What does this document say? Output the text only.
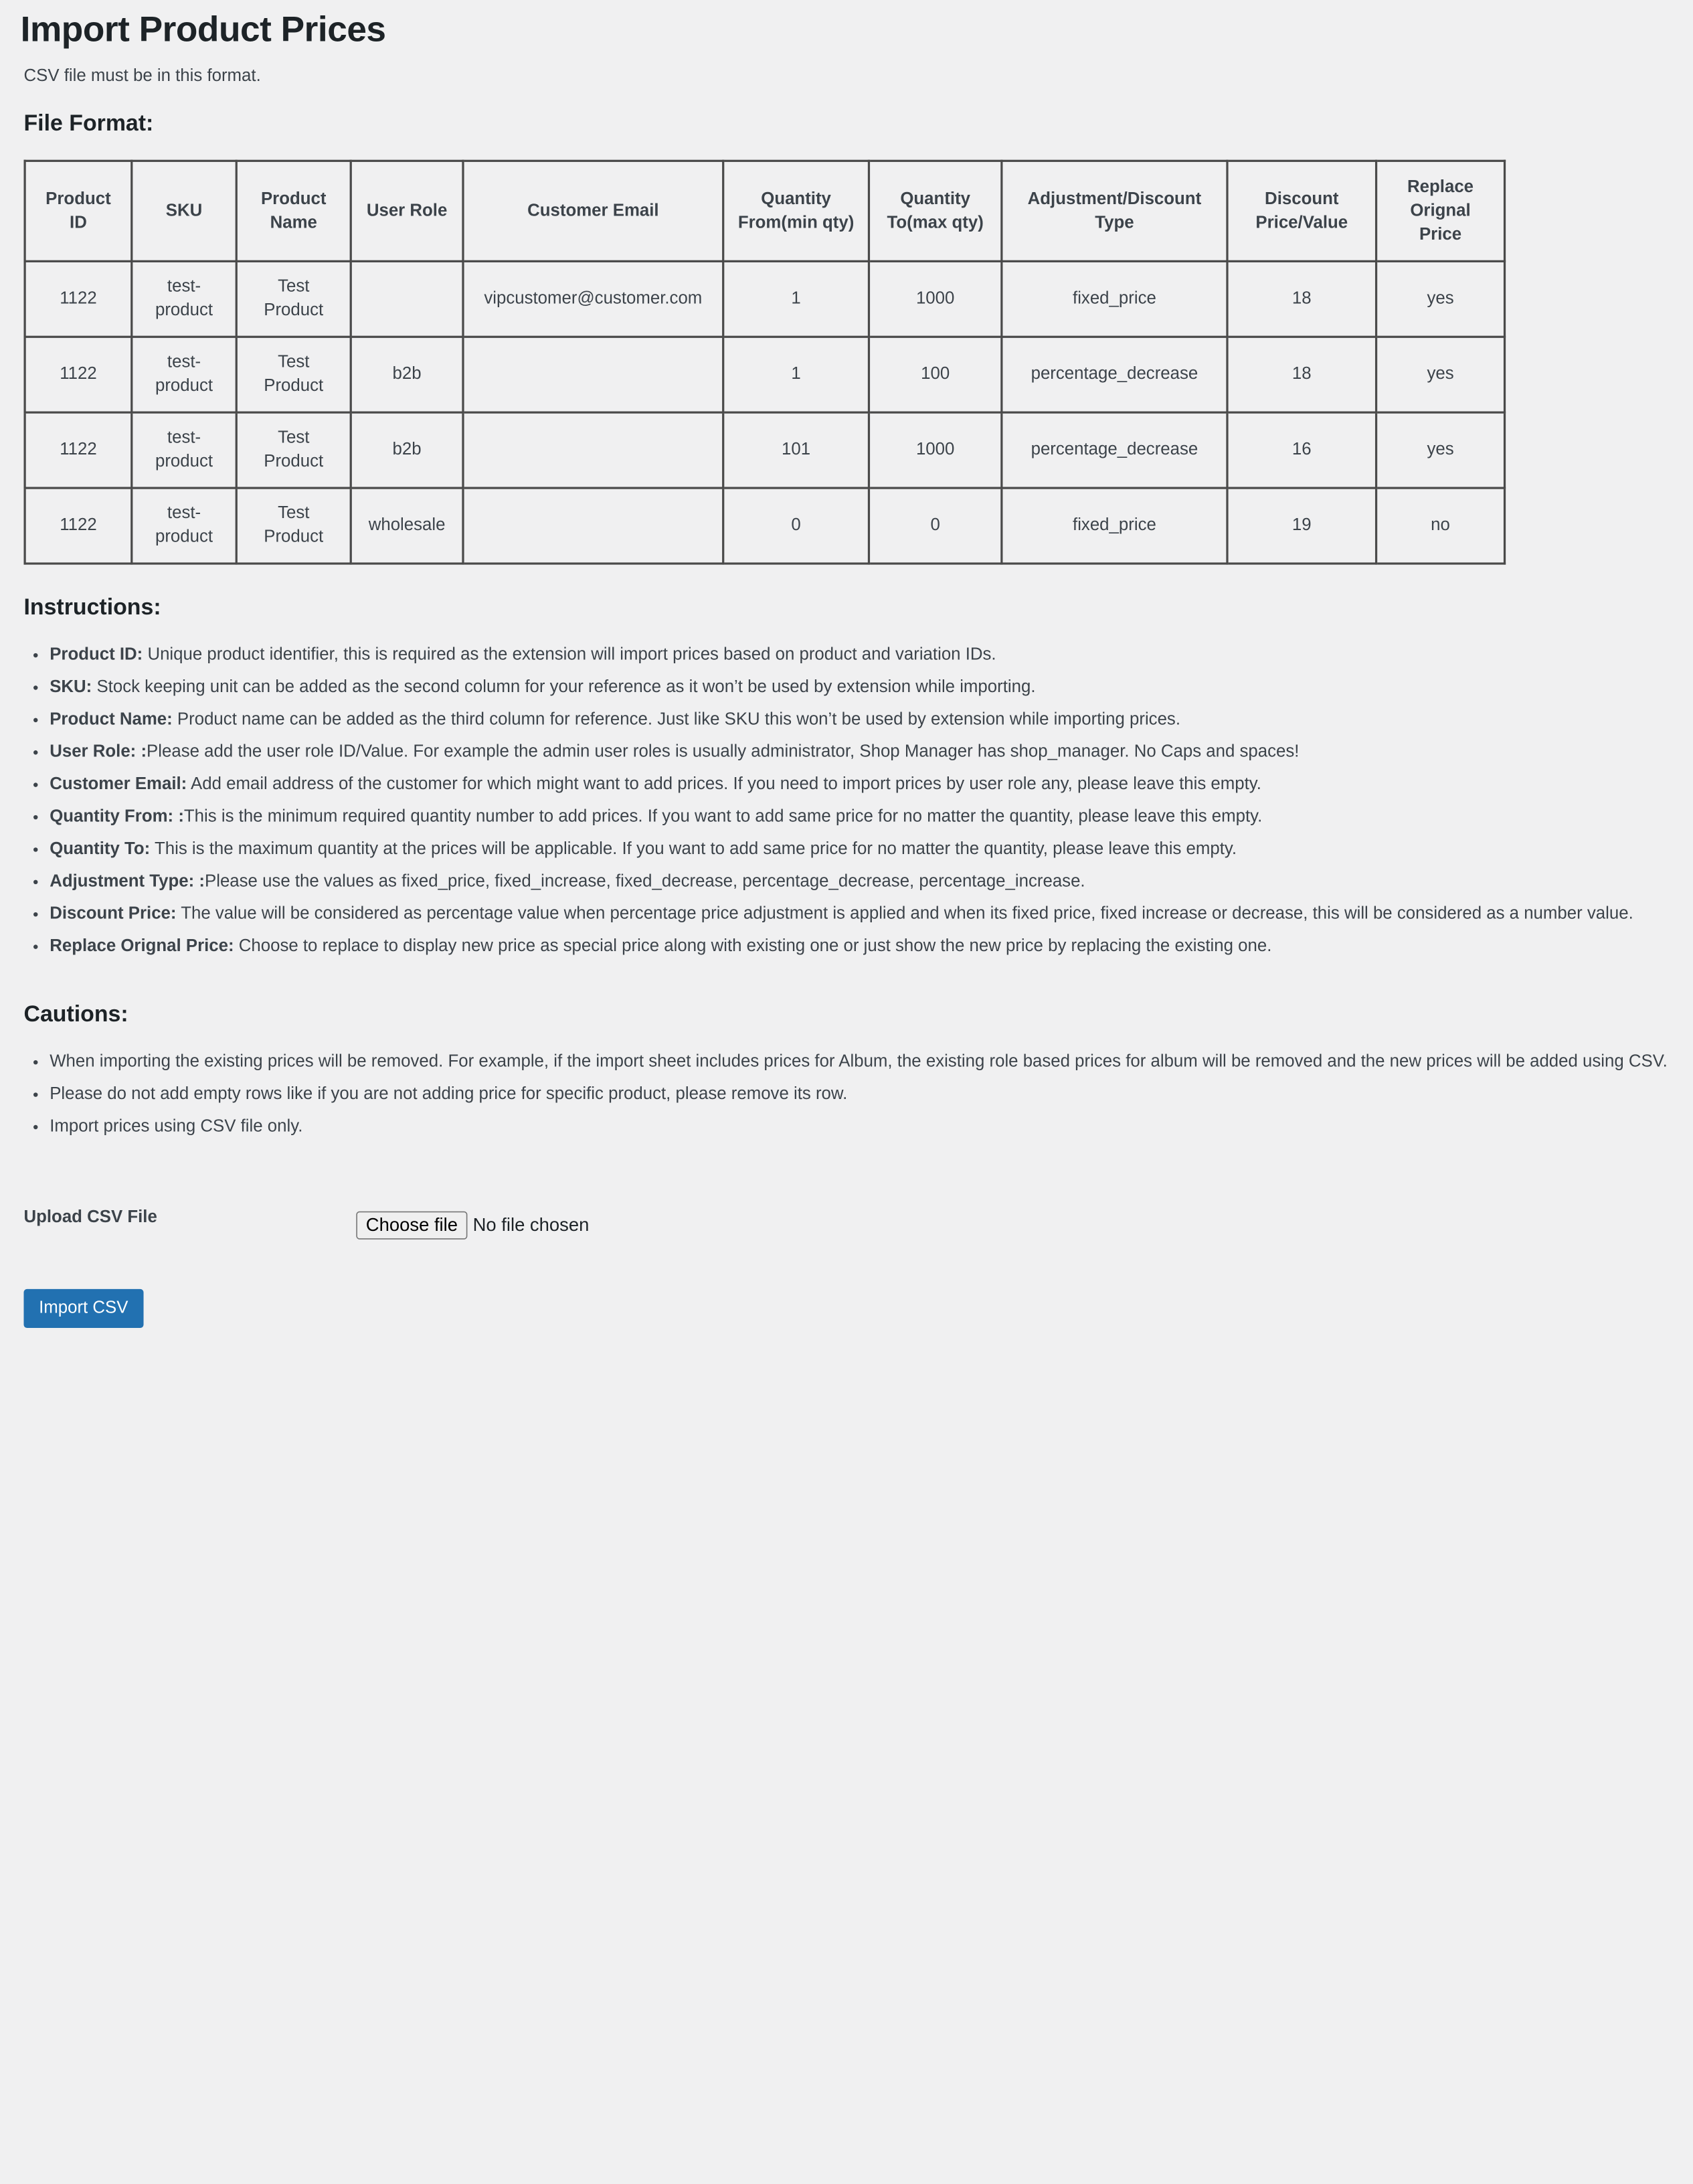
Import Product Prices
CSV file must be in this format.
File Format:
Product ID	SKU	Product Name	User Role	Customer Email	Quantity From(min qty)	Quantity To(max qty)	Adjustment/Discount Type	Discount Price/Value	Replace Orignal Price
1122	test-product	Test Product		vipcustomer@customer.com	1	1000	fixed_price	18	yes
1122	test-product	Test Product	b2b		1	100	percentage_decrease	18	yes
1122	test-product	Test Product	b2b		101	1000	percentage_decrease	16	yes
1122	test-product	Test Product	wholesale		0	0	fixed_price	19	no
Instructions:
• Product ID: Unique product identifier, this is required as the extension will import prices based on product and variation IDs.
• SKU: Stock keeping unit can be added as the second column for your reference as it won’t be used by extension while importing.
• Product Name: Product name can be added as the third column for reference. Just like SKU this won’t be used by extension while importing prices.
• User Role: :Please add the user role ID/Value. For example the admin user roles is usually administrator, Shop Manager has shop_manager. No Caps and spaces!
• Customer Email: Add email address of the customer for which might want to add prices. If you need to import prices by user role any, please leave this empty.
• Quantity From: :This is the minimum required quantity number to add prices. If you want to add same price for no matter the quantity, please leave this empty.
• Quantity To: This is the maximum quantity at the prices will be applicable. If you want to add same price for no matter the quantity, please leave this empty.
• Adjustment Type: :Please use the values as fixed_price, fixed_increase, fixed_decrease, percentage_decrease, percentage_increase.
• Discount Price: The value will be considered as percentage value when percentage price adjustment is applied and when its fixed price, fixed increase or decrease, this will be considered as a number value.
• Replace Orignal Price: Choose to replace to display new price as special price along with existing one or just show the new price by replacing the existing one.
Cautions:
• When importing the existing prices will be removed. For example, if the import sheet includes prices for Album, the existing role based prices for album will be removed and the new prices will be added using CSV.
• Please do not add empty rows like if you are not adding price for specific product, please remove its row.
• Import prices using CSV file only.
Upload CSV File	Choose file	No file chosen
Import CSV
